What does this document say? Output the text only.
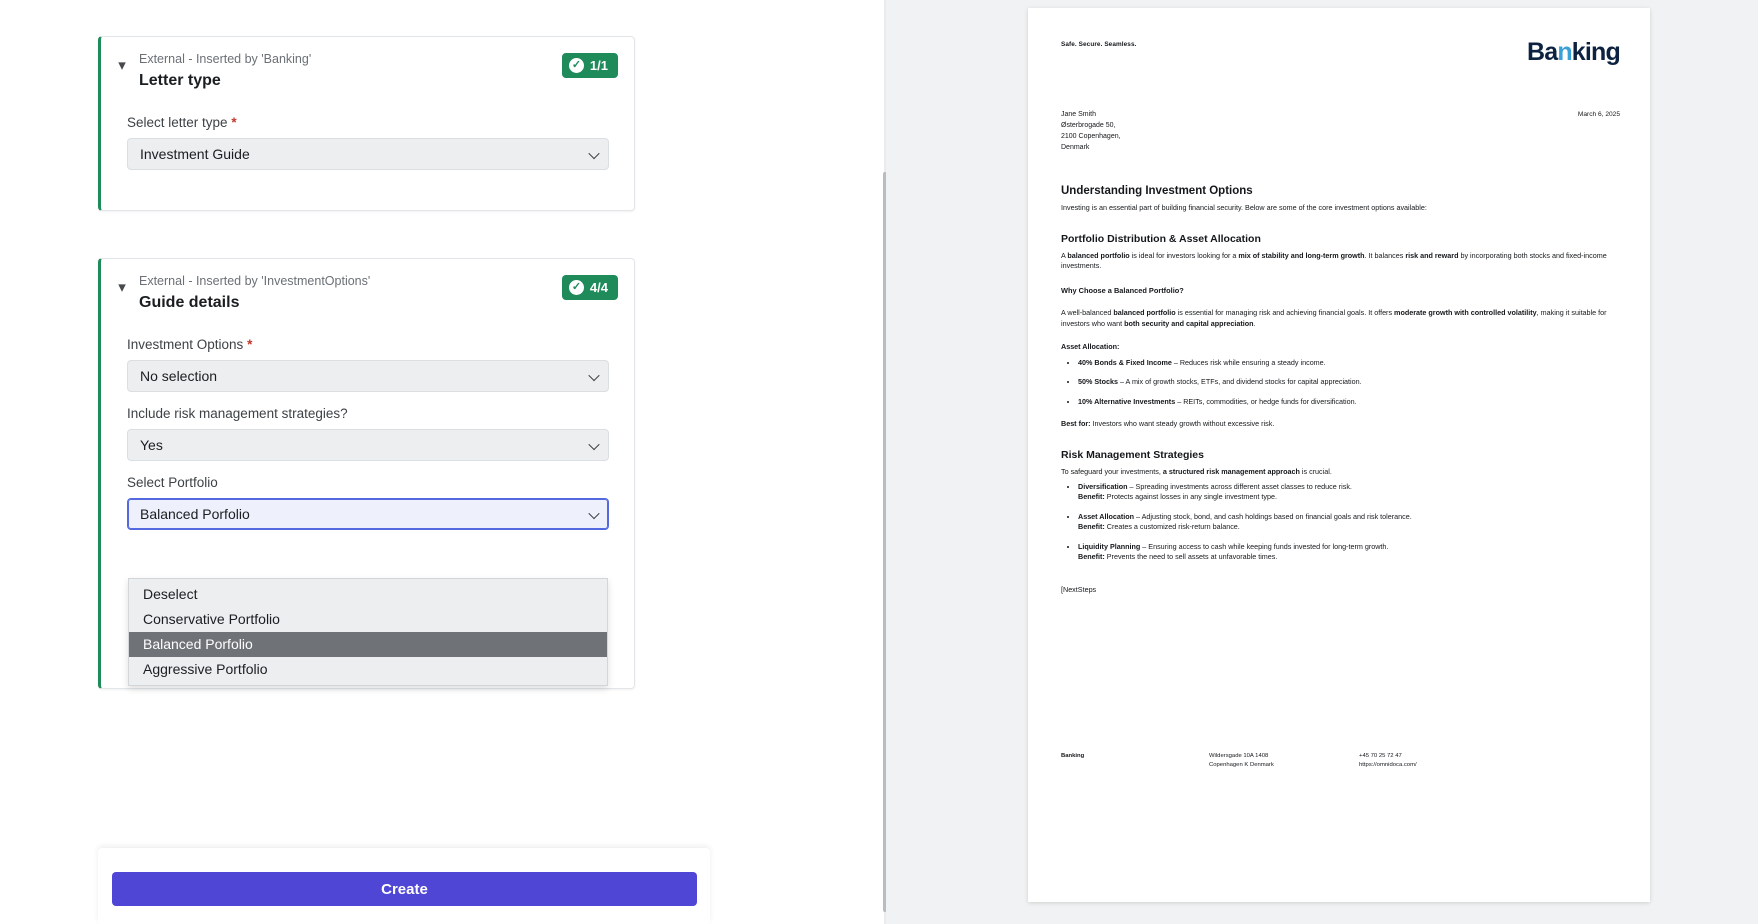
▾	External - Inserted by 'Banking'
Letter type
✓ 1/1
Select letter type *
Investment Guide
▾	External - Inserted by 'InvestmentOptions'
Guide details
✓ 4/4
Investment Options *
No selection
Include risk management strategies?
Yes
Select Portfolio
Balanced Porfolio
Deselect
Conservative Portfolio
Balanced Porfolio
Aggressive Portfolio
Create
Safe. Secure. Seamless.	Banking
Jane Smith
Østerbrogade 50,
2100 Copenhagen,
Denmark
March 6, 2025
Understanding Investment Options

Investing is an essential part of building financial security. Below are some of the core investment options available:

Portfolio Distribution & Asset Allocation

A balanced portfolio is ideal for investors looking for a mix of stability and long-term growth. It balances risk and reward by incorporating both stocks and fixed-income investments.

Why Choose a Balanced Portfolio?

A well-balanced balanced portfolio is essential for managing risk and achieving financial goals. It offers moderate growth with controlled volatility, making it suitable for investors who want both security and capital appreciation.

Asset Allocation:

• 40% Bonds & Fixed Income – Reduces risk while ensuring a steady income.
• 50% Stocks – A mix of growth stocks, ETFs, and dividend stocks for capital appreciation.
• 10% Alternative Investments – REITs, commodities, or hedge funds for diversification.

Best for: Investors who want steady growth without excessive risk.

Risk Management Strategies

To safeguard your investments, a structured risk management approach is crucial.

• Diversification – Spreading investments across different asset classes to reduce risk.
Benefit: Protects against losses in any single investment type.
• Asset Allocation – Adjusting stock, bond, and cash holdings based on financial goals and risk tolerance.
Benefit: Creates a customized risk-return balance.
• Liquidity Planning – Ensuring access to cash while keeping funds invested for long-term growth.
Benefit: Prevents the need to sell assets at unfavorable times.

[NextSteps

Banking	Wildersgade 10A 1408
Copenhagen K Denmark
+45 70 25 72 47
https://omnidoca.com/
